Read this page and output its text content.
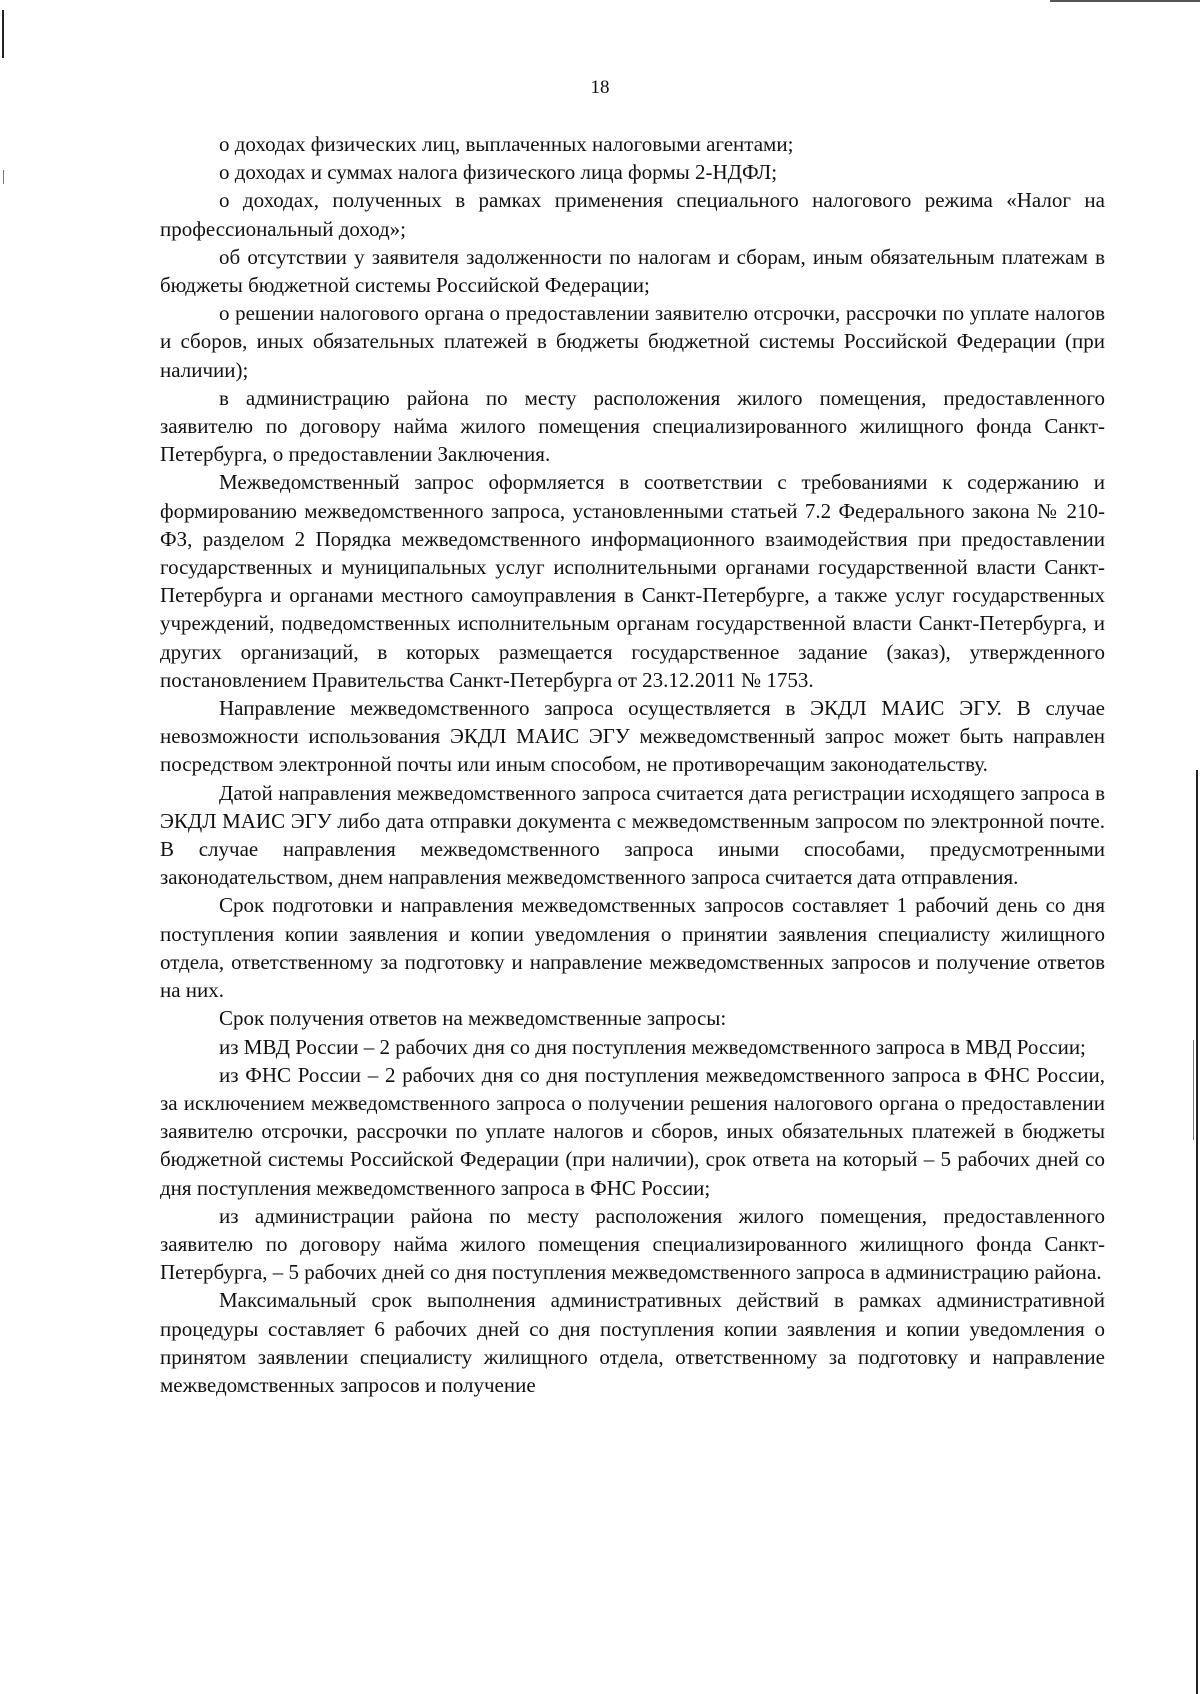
18

о доходах физических лиц, выплаченных налоговыми агентами;

о доходах и суммах налога физического лица формы 2-НДФЛ;

о доходах, полученных в рамках применения специального налогового режима «Налог на профессиональный доход»;

об отсутствии у заявителя задолженности по налогам и сборам, иным обязательным платежам в бюджеты бюджетной системы Российской Федерации;

о решении налогового органа о предоставлении заявителю отсрочки, рассрочки по уплате налогов и сборов, иных обязательных платежей в бюджеты бюджетной системы Российской Федерации (при наличии);

в администрацию района по месту расположения жилого помещения, предоставленного заявителю по договору найма жилого помещения специализированного жилищного фонда Санкт-Петербурга, о предоставлении Заключения.

Межведомственный запрос оформляется в соответствии с требованиями к содержанию и формированию межведомственного запроса, установленными статьей 7.2 Федерального закона № 210-ФЗ, разделом 2 Порядка межведомственного информационного взаимодействия при предоставлении государственных и муниципальных услуг исполнительными органами государственной власти Санкт-Петербурга и органами местного самоуправления в Санкт-Петербурге, а также услуг государственных учреждений, подведомственных исполнительным органам государственной власти Санкт-Петербурга, и других организаций, в которых размещается государственное задание (заказ), утвержденного постановлением Правительства Санкт-Петербурга от 23.12.2011 № 1753.

Направление межведомственного запроса осуществляется в ЭКДЛ МАИС ЭГУ. В случае невозможности использования ЭКДЛ МАИС ЭГУ межведомственный запрос может быть направлен посредством электронной почты или иным способом, не противоречащим законодательству.

Датой направления межведомственного запроса считается дата регистрации исходящего запроса в ЭКДЛ МАИС ЭГУ либо дата отправки документа с межведомственным запросом по электронной почте. В случае направления межведомственного запроса иными способами, предусмотренными законодательством, днем направления межведомственного запроса считается дата отправления.

Срок подготовки и направления межведомственных запросов составляет 1 рабочий день со дня поступления копии заявления и копии уведомления о принятии заявления специалисту жилищного отдела, ответственному за подготовку и направление межведомственных запросов и получение ответов на них.

Срок получения ответов на межведомственные запросы:

из МВД России – 2 рабочих дня со дня поступления межведомственного запроса в МВД России;

из ФНС России – 2 рабочих дня со дня поступления межведомственного запроса в ФНС России, за исключением межведомственного запроса о получении решения налогового органа о предоставлении заявителю отсрочки, рассрочки по уплате налогов и сборов, иных обязательных платежей в бюджеты бюджетной системы Российской Федерации (при наличии), срок ответа на который – 5 рабочих дней со дня поступления межведомственного запроса в ФНС России;

из администрации района по месту расположения жилого помещения, предоставленного заявителю по договору найма жилого помещения специализированного жилищного фонда Санкт-Петербурга, – 5 рабочих дней со дня поступления межведомственного запроса в администрацию района.

Максимальный срок выполнения административных действий в рамках административной процедуры составляет 6 рабочих дней со дня поступления копии заявления и копии уведомления о принятом заявлении специалисту жилищного отдела, ответственному за подготовку и направление межведомственных запросов и получение
